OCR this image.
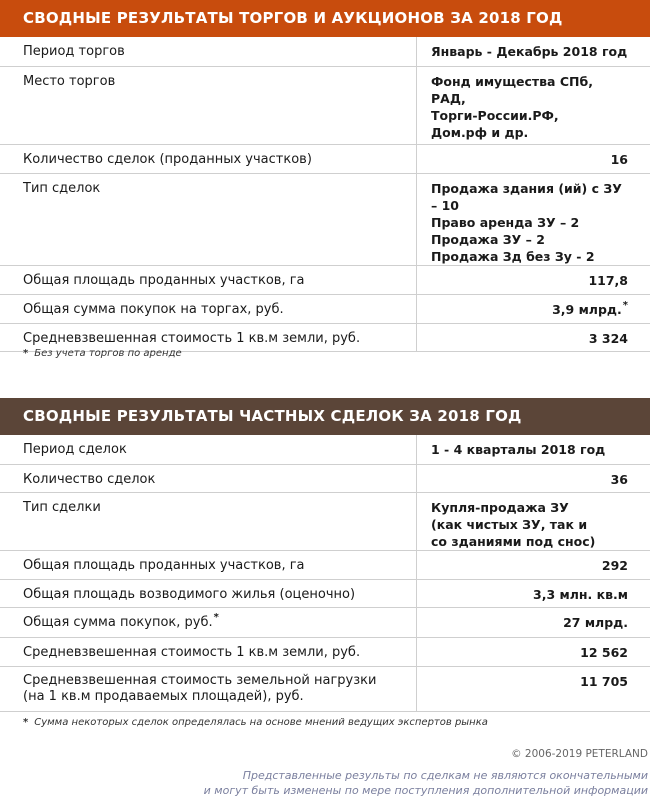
СВОДНЫЕ РЕЗУЛЬТАТЫ ТОРГОВ И АУКЦИОНОВ ЗА 2018 ГОД
Период торгов	Январь - Декабрь 2018 год

Место торгов	Фонд имущества СПб,
РАД,
Торги-России.РФ,
Дом.рф и др.

Количество сделок (проданных участков)	16

Тип сделок	Продажа здания (ий) с ЗУ – 10
Право аренда ЗУ – 2
Продажа ЗУ – 2
Продажа Зд без Зу - 2

Общая площадь проданных участков, га	117,8

Общая сумма покупок на торгах, руб.	3,9 млрд.*

Средневзвешенная стоимость 1 кв.м земли, руб.	3 324
* Без учета торгов по аренде
СВОДНЫЕ РЕЗУЛЬТАТЫ ЧАСТНЫХ СДЕЛОК ЗА 2018 ГОД
Период сделок	1 - 4 кварталы 2018 год

Количество сделок	36

Тип сделки	Купля-продажа ЗУ
(как чистых ЗУ, так и
со зданиями под снос)

Общая площадь проданных участков, га	292

Общая площадь возводимого жилья (оценочно)	3,3 млн. кв.м

Общая сумма покупок, руб.*	27 млрд.

Средневзвешенная стоимость 1 кв.м земли, руб.	12 562

Средневзвешенная стоимость земельной нагрузки
(на 1 кв.м продаваемых площадей), руб.	11 705
* Сумма некоторых сделок определялась на основе мнений ведущих экспертов рынка
© 2006-2019 PETERLAND
Представленные результы по сделкам не являются окончательными
и могут быть изменены по мере поступления дополнительной информации
